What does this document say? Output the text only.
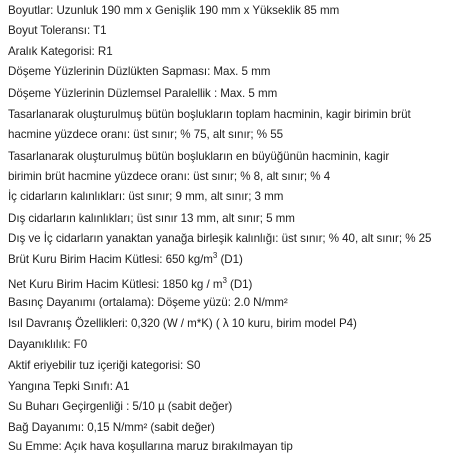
Boyutlar: Uzunluk 190 mm x Genişlik 190 mm x Yükseklik 85 mm
Boyut Toleransı: T1
Aralık Kategorisi: R1
Döşeme Yüzlerinin Düzlükten Sapması: Max. 5 mm
Döşeme Yüzlerinin Düzlemsel Paralellik : Max. 5 mm
Tasarlanarak oluşturulmuş bütün boşlukların toplam hacminin, kagir birimin brüt
hacmine yüzdece oranı: üst sınır; % 75, alt sınır; % 55
Tasarlanarak oluşturulmuş bütün boşlukların en büyüğünün hacminin, kagir
birimin brüt hacmine yüzdece oranı: üst sınır; % 8, alt sınır; % 4
İç cidarların kalınlıkları: üst sınır; 9 mm, alt sınır; 3 mm
Dış cidarların kalınlıkları; üst sınır 13 mm, alt sınır; 5 mm
Dış ve İç cidarların yanaktan yanağa birleşik kalınlığı: üst sınır; % 40, alt sınır; % 25
Brüt Kuru Birim Hacim Kütlesi: 650 $kg/m^3$ (D1)
Net Kuru Birim Hacim Kütlesi: 1850 kg / $m^3$ (D1)
Basınç Dayanımı (ortalama): Döşeme yüzü: 2.0 N/mm²
Isıl Davranış Özellikleri: 0,320 (W / m*K) ( λ 10 kuru, birim model P4)
Dayanıklılık: F0
Aktif eriyebilir tuz içeriği kategorisi: S0
Yangına Tepki Sınıfı: A1
Su Buharı Geçirgenliği : 5/10 µ (sabit değer)
Bağ Dayanımı: 0,15 N/mm² (sabit değer)
Su Emme: Açık hava koşullarına maruz bırakılmayan tip
